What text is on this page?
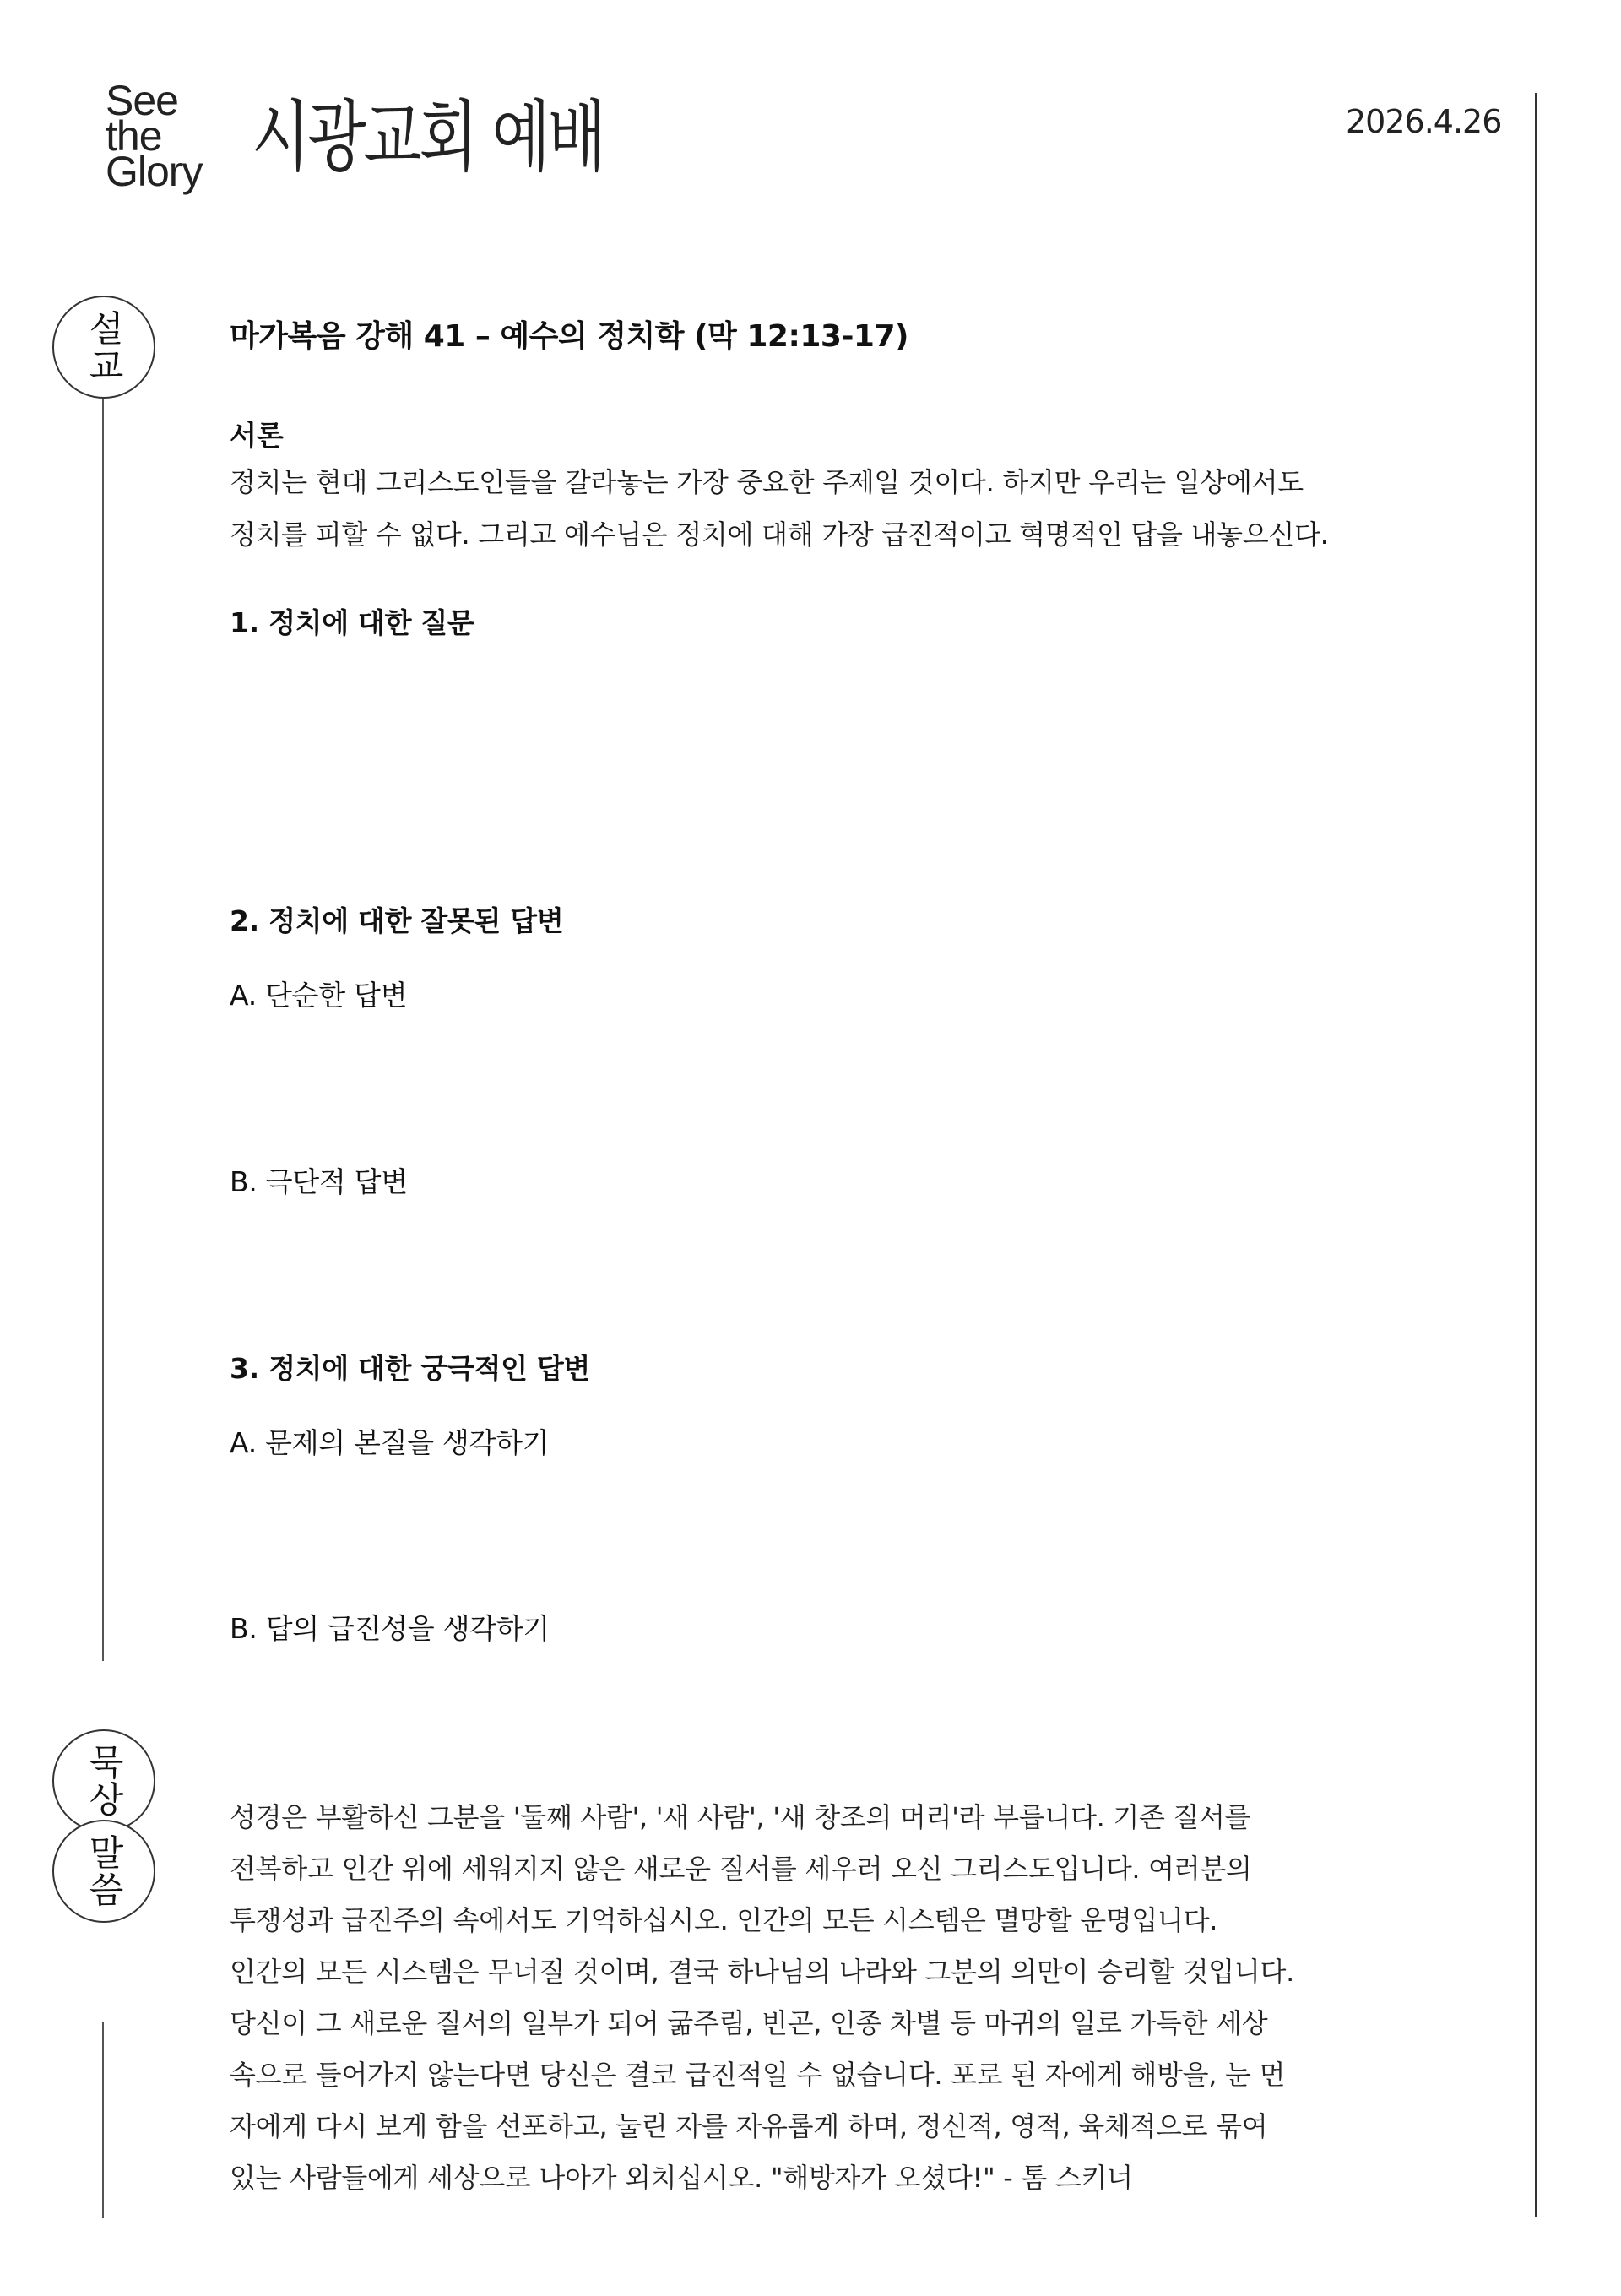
See
the
Glory 시광교회 예배	2026.4.26
설교
묵상
말씀
마가복음 강해 41 – 예수의 정치학 (막 12:13-17)
서론
정치는 현대 그리스도인들을 갈라놓는 가장 중요한 주제일 것이다. 하지만 우리는 일상에서도
정치를 피할 수 없다. 그리고 예수님은 정치에 대해 가장 급진적이고 혁명적인 답을 내놓으신다.
1. 정치에 대한 질문
2. 정치에 대한 잘못된 답변
A. 단순한 답변
B. 극단적 답변
3. 정치에 대한 궁극적인 답변
A. 문제의 본질을 생각하기
B. 답의 급진성을 생각하기
성경은 부활하신 그분을 '둘째 사람', '새 사람', '새 창조의 머리'라 부릅니다. 기존 질서를
전복하고 인간 위에 세워지지 않은 새로운 질서를 세우러 오신 그리스도입니다. 여러분의
투쟁성과 급진주의 속에서도 기억하십시오. 인간의 모든 시스템은 멸망할 운명입니다.
인간의 모든 시스템은 무너질 것이며, 결국 하나님의 나라와 그분의 의만이 승리할 것입니다.
당신이 그 새로운 질서의 일부가 되어 굶주림, 빈곤, 인종 차별 등 마귀의 일로 가득한 세상
속으로 들어가지 않는다면 당신은 결코 급진적일 수 없습니다. 포로 된 자에게 해방을, 눈 먼
자에게 다시 보게 함을 선포하고, 눌린 자를 자유롭게 하며, 정신적, 영적, 육체적으로 묶여
있는 사람들에게 세상으로 나아가 외치십시오. "해방자가 오셨다!" - 톰 스키너
